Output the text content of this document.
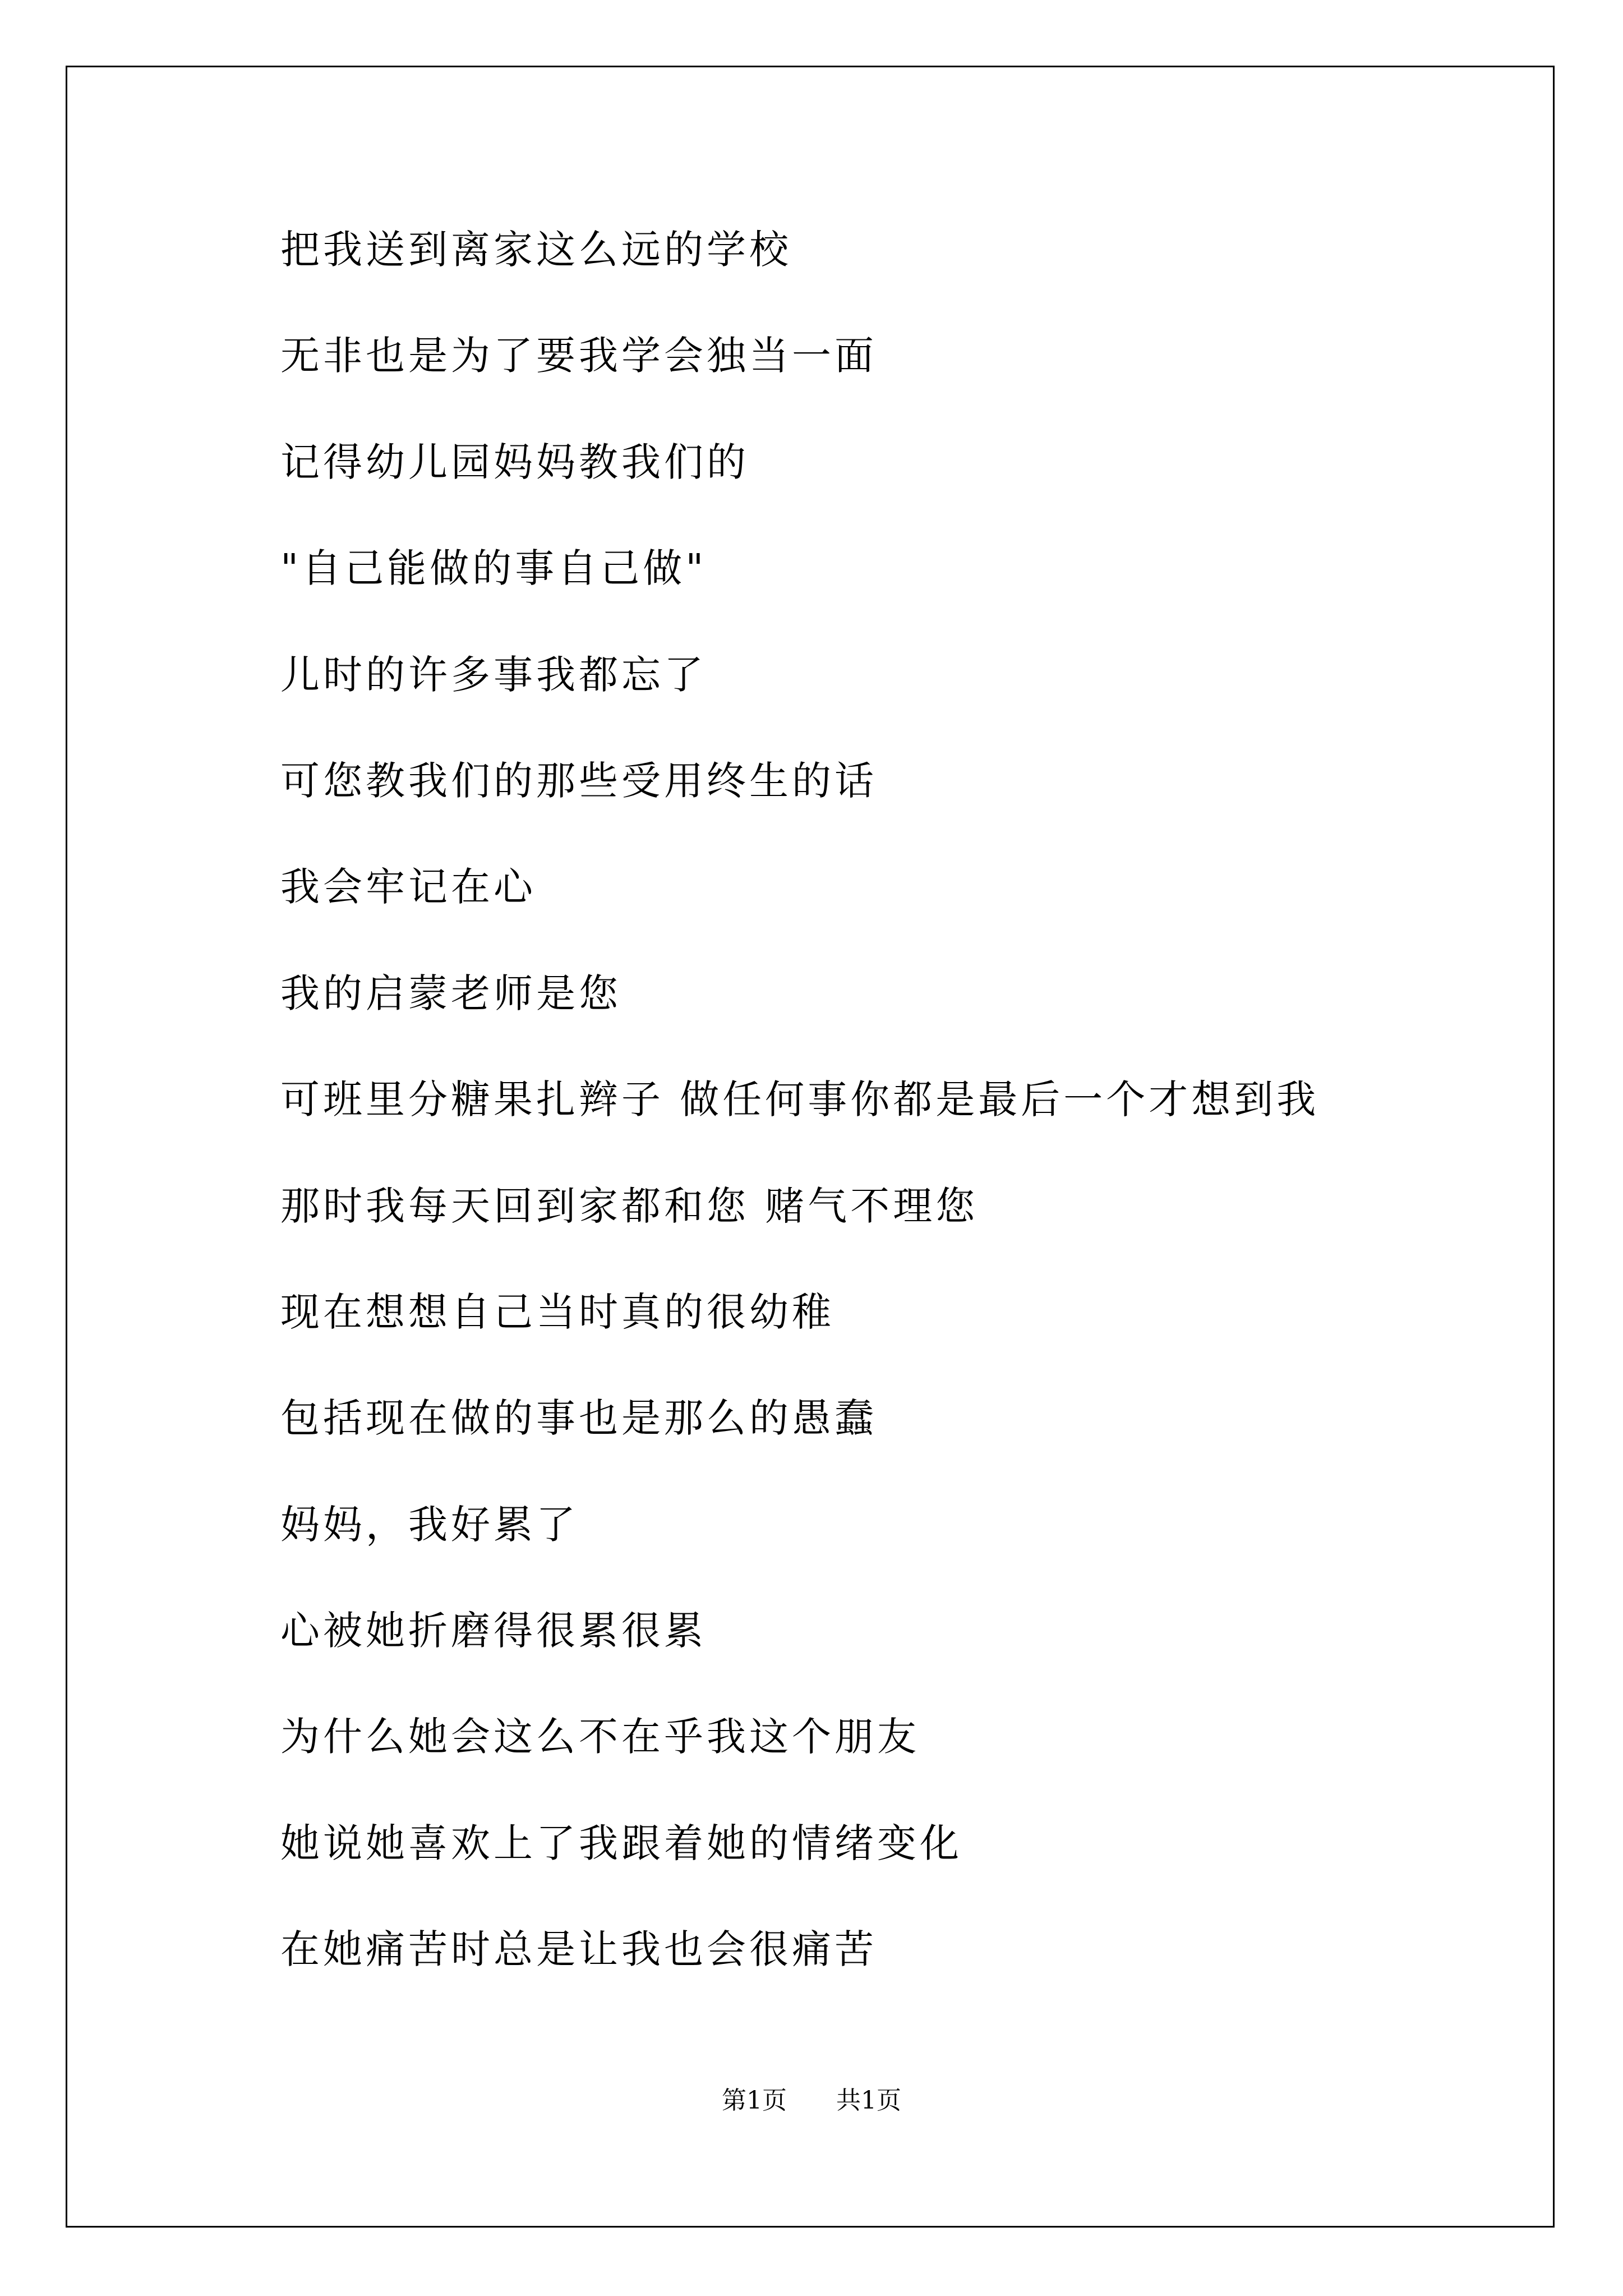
把我送到离家这么远的学校
无非也是为了要我学会独当一面
记得幼儿园妈妈教我们的
"自己能做的事自己做"
儿时的许多事我都忘了
可您教我们的那些受用终生的话
我会牢记在心
我的启蒙老师是您
可班里分糖果扎辫子 做任何事你都是最后一个才想到我
那时我每天回到家都和您 赌气不理您
现在想想自己当时真的很幼稚
包括现在做的事也是那么的愚蠢
妈妈，我好累了
心被她折磨得很累很累
为什么她会这么不在乎我这个朋友
她说她喜欢上了我跟着她的情绪变化
在她痛苦时总是让我也会很痛苦
第1页 共1页
